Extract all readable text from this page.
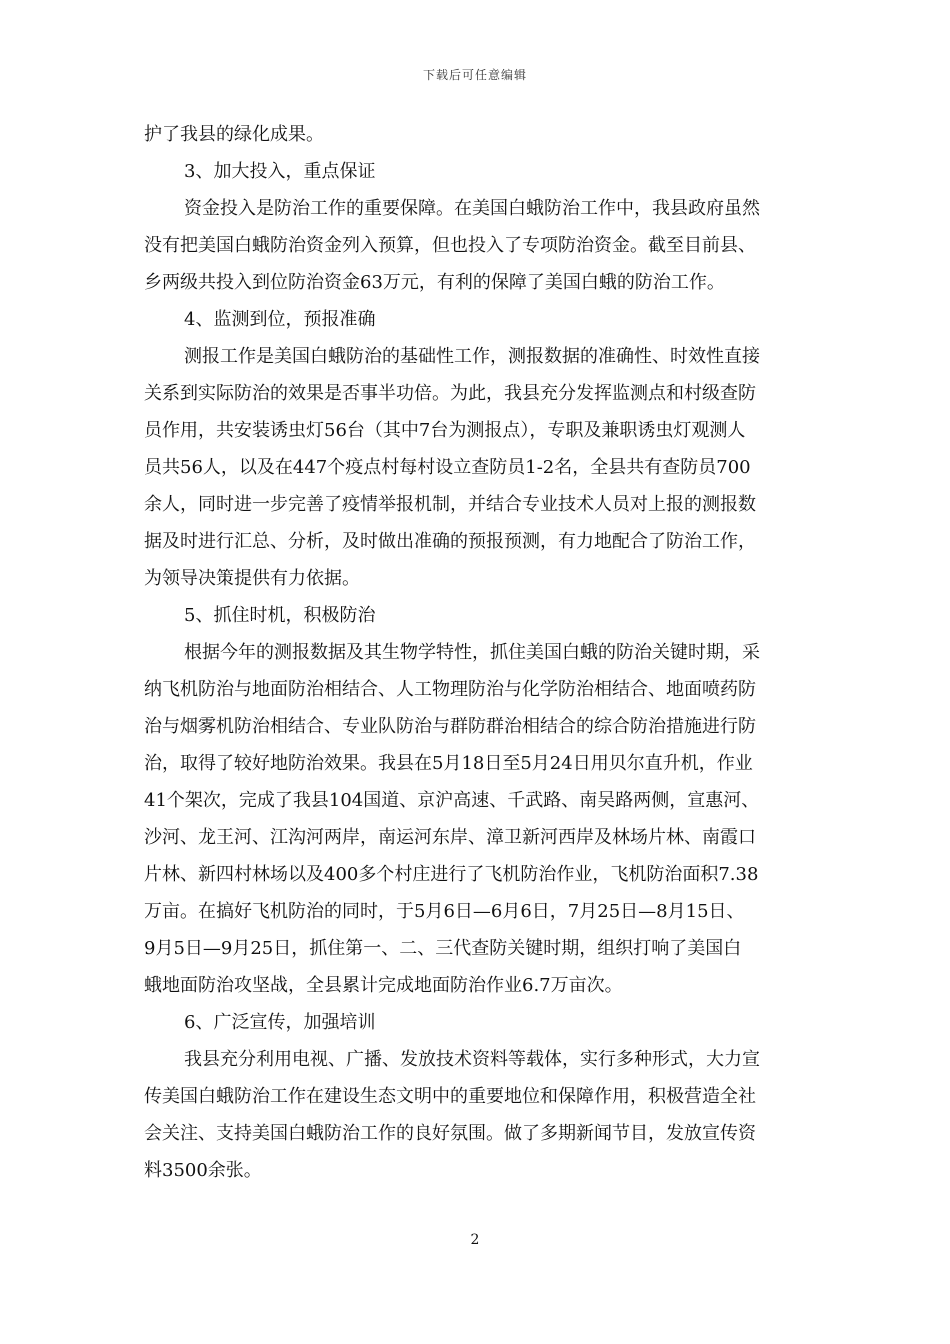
下载后可任意编辑
护了我县的绿化成果。
3、加大投入，重点保证
资金投入是防治工作的重要保障。在美国白蛾防治工作中，我县政府虽然
没有把美国白蛾防治资金列入预算，但也投入了专项防治资金。截至目前县、
乡两级共投入到位防治资金63万元，有利的保障了美国白蛾的防治工作。
4、监测到位，预报准确
测报工作是美国白蛾防治的基础性工作，测报数据的准确性、时效性直接
关系到实际防治的效果是否事半功倍。为此，我县充分发挥监测点和村级查防
员作用，共安装诱虫灯56台（其中7台为测报点），专职及兼职诱虫灯观测人
员共56人，以及在447个疫点村每村设立查防员1-2名，全县共有查防员700
余人，同时进一步完善了疫情举报机制，并结合专业技术人员对上报的测报数
据及时进行汇总、分析，及时做出准确的预报预测，有力地配合了防治工作，
为领导决策提供有力依据。
5、抓住时机，积极防治
根据今年的测报数据及其生物学特性，抓住美国白蛾的防治关键时期，采
纳飞机防治与地面防治相结合、人工物理防治与化学防治相结合、地面喷药防
治与烟雾机防治相结合、专业队防治与群防群治相结合的综合防治措施进行防
治，取得了较好地防治效果。我县在5月18日至5月24日用贝尔直升机，作业
41个架次，完成了我县104国道、京沪高速、千武路、南吴路两侧，宣惠河、
沙河、龙王河、江沟河两岸，南运河东岸、漳卫新河西岸及林场片林、南霞口
片林、新四村林场以及400多个村庄进行了飞机防治作业，飞机防治面积7.38
万亩。在搞好飞机防治的同时，于5月6日—6月6日，7月25日—8月15日、
9月5日—9月25日，抓住第一、二、三代查防关键时期，组织打响了美国白
蛾地面防治攻坚战，全县累计完成地面防治作业6.7万亩次。
6、广泛宣传，加强培训
我县充分利用电视、广播、发放技术资料等载体，实行多种形式，大力宣
传美国白蛾防治工作在建设生态文明中的重要地位和保障作用，积极营造全社
会关注、支持美国白蛾防治工作的良好氛围。做了多期新闻节目，发放宣传资
料3500余张。
2
